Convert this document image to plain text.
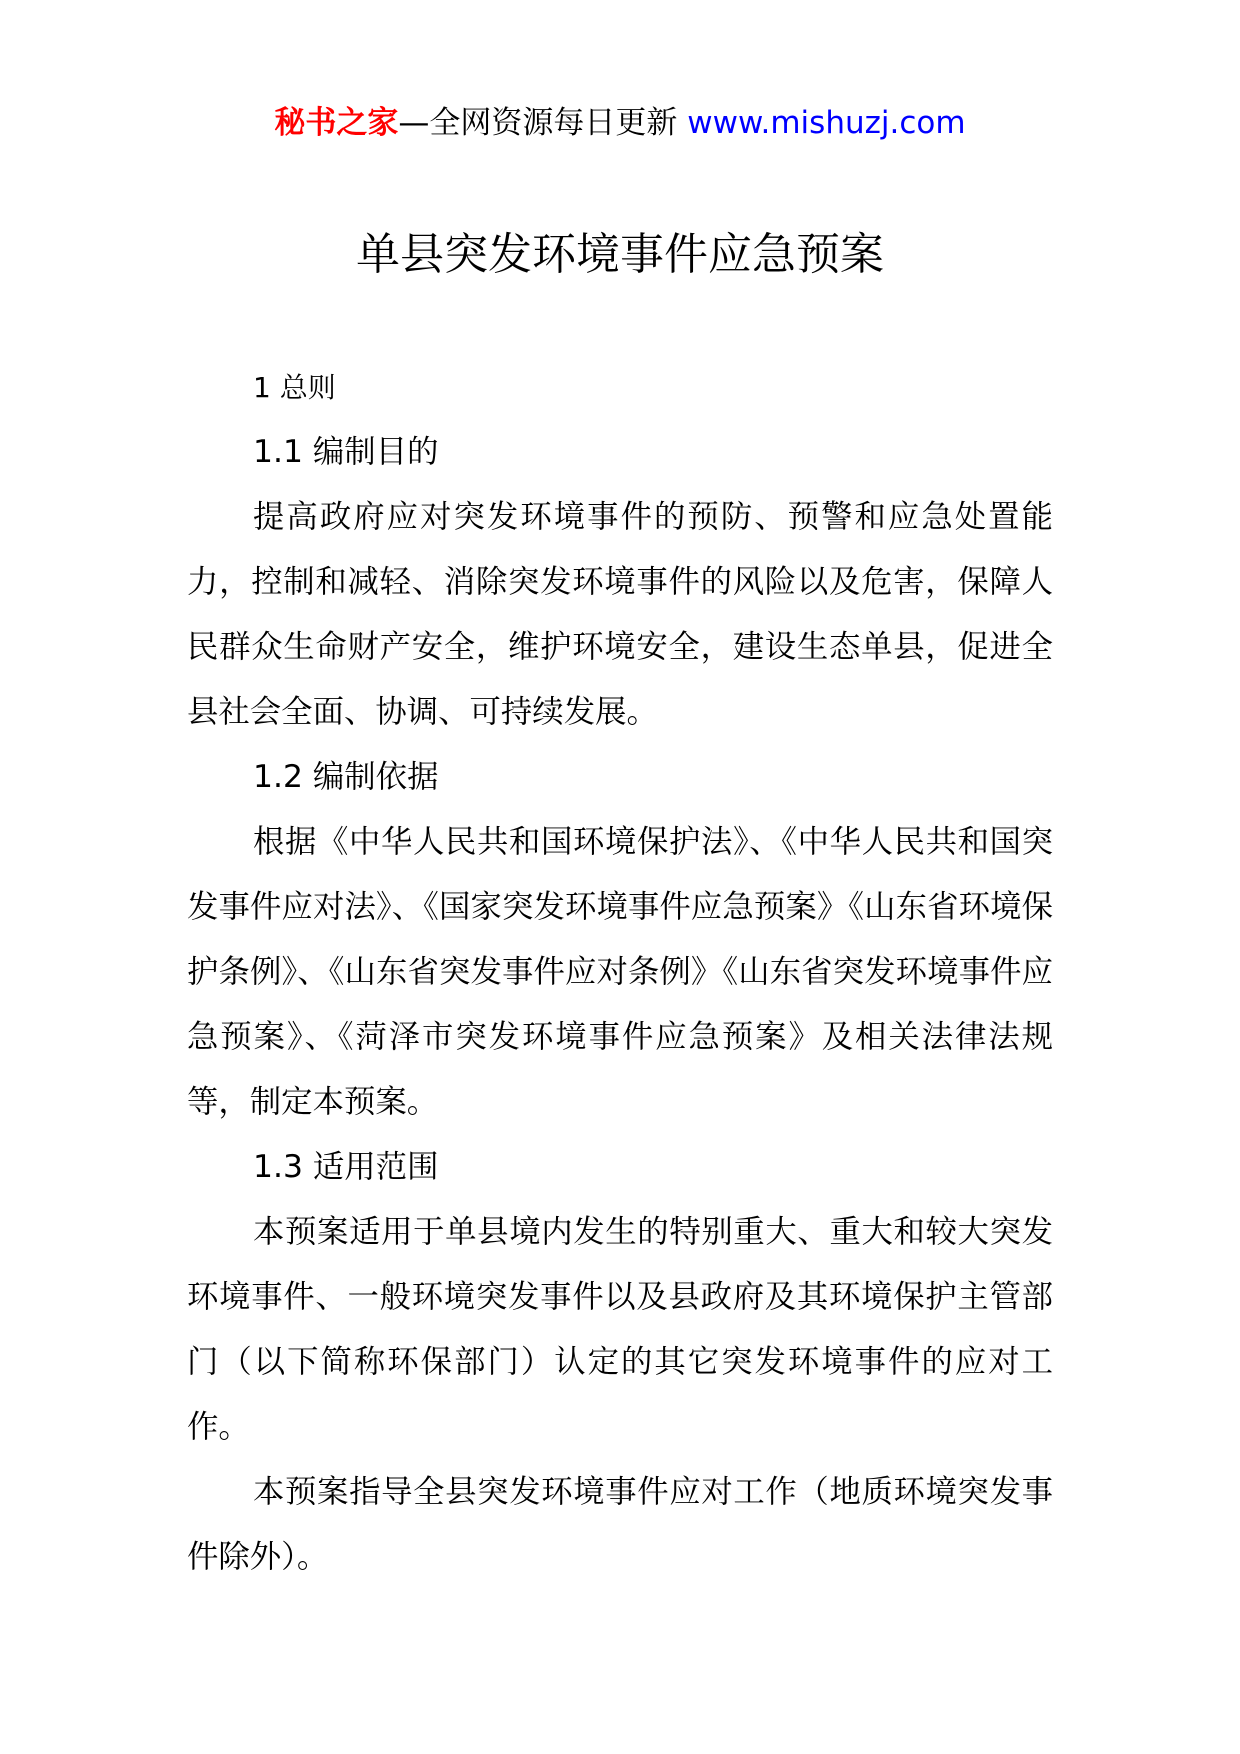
秘书之家—全网资源每日更新 www.mishuzj.com
单县突发环境事件应急预案

1 总则

1.1 编制目的

提高政府应对突发环境事件的预防、预警和应急处置能力，控制和减轻、消除突发环境事件的风险以及危害，保障人民群众生命财产安全，维护环境安全，建设生态单县，促进全县社会全面、协调、可持续发展。

1.2 编制依据

根据《中华人民共和国环境保护法》、《中华人民共和国突发事件应对法》、《国家突发环境事件应急预案》《山东省环境保护条例》、《山东省突发事件应对条例》《山东省突发环境事件应急预案》、《菏泽市突发环境事件应急预案》及相关法律法规等，制定本预案。

1.3 适用范围

本预案适用于单县境内发生的特别重大、重大和较大突发环境事件、一般环境突发事件以及县政府及其环境保护主管部门（以下简称环保部门）认定的其它突发环境事件的应对工作。

本预案指导全县突发环境事件应对工作（地质环境突发事件除外）。
